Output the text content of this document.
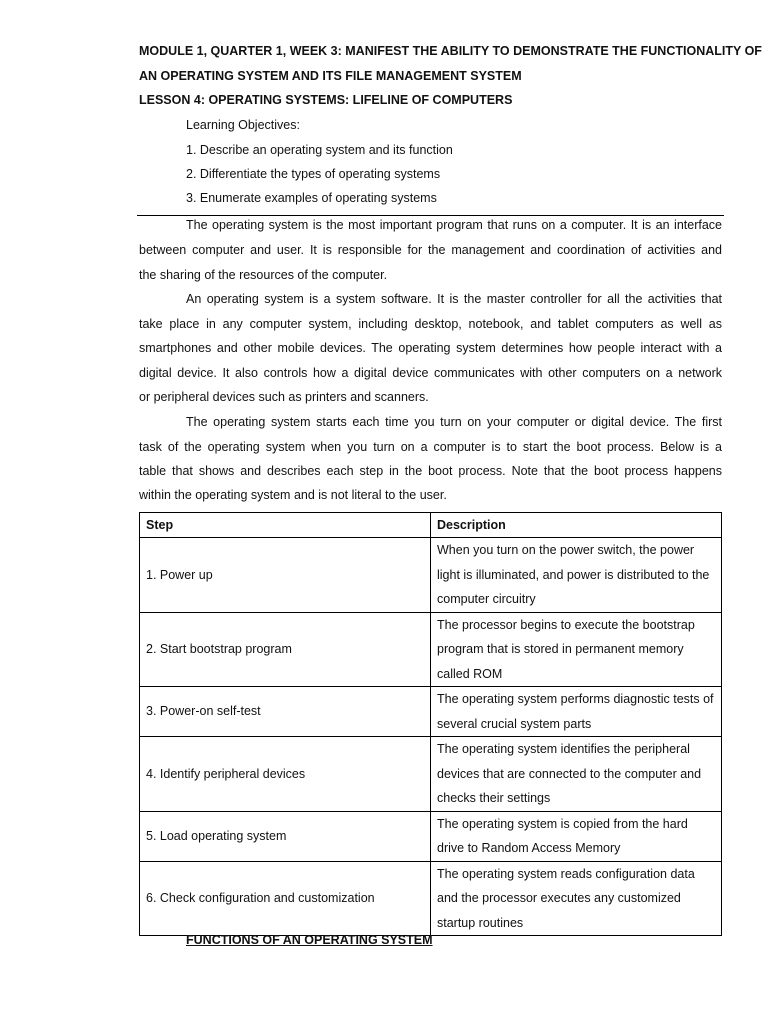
MODULE 1, QUARTER 1, WEEK 3: MANIFEST THE ABILITY TO DEMONSTRATE THE FUNCTIONALITY OF
AN OPERATING SYSTEM AND ITS FILE MANAGEMENT SYSTEM
LESSON 4: OPERATING SYSTEMS: LIFELINE OF COMPUTERS
Learning Objectives:
1. Describe an operating system and its function
2. Differentiate the types of operating systems
3. Enumerate examples of operating systems
The operating system is the most important program that runs on a computer. It is an interface
between computer and user. It is responsible for the management and coordination of activities and
the sharing of the resources of the computer.
An operating system is a system software. It is the master controller for all the activities that
take place in any computer system, including desktop, notebook, and tablet computers as well as
smartphones and other mobile devices. The operating system determines how people interact with a
digital device. It also controls how a digital device communicates with other computers on a network
or peripheral devices such as printers and scanners.
The operating system starts each time you turn on your computer or digital device. The first
task of the operating system when you turn on a computer is to start the boot process. Below is a
table that shows and describes each step in the boot process. Note that the boot process happens
within the operating system and is not literal to the user.
Step	Description
1. Power up	When you turn on the power switch, the power light is illuminated, and power is distributed to the computer circuitry
2. Start bootstrap program	The processor begins to execute the bootstrap program that is stored in permanent memory called ROM
3. Power-on self-test	The operating system performs diagnostic tests of several crucial system parts
4. Identify peripheral devices	The operating system identifies the peripheral devices that are connected to the computer and checks their settings
5. Load operating system	The operating system is copied from the hard drive to Random Access Memory
6. Check configuration and customization	The operating system reads configuration data and the processor executes any customized startup routines
FUNCTIONS OF AN OPERATING SYSTEM
